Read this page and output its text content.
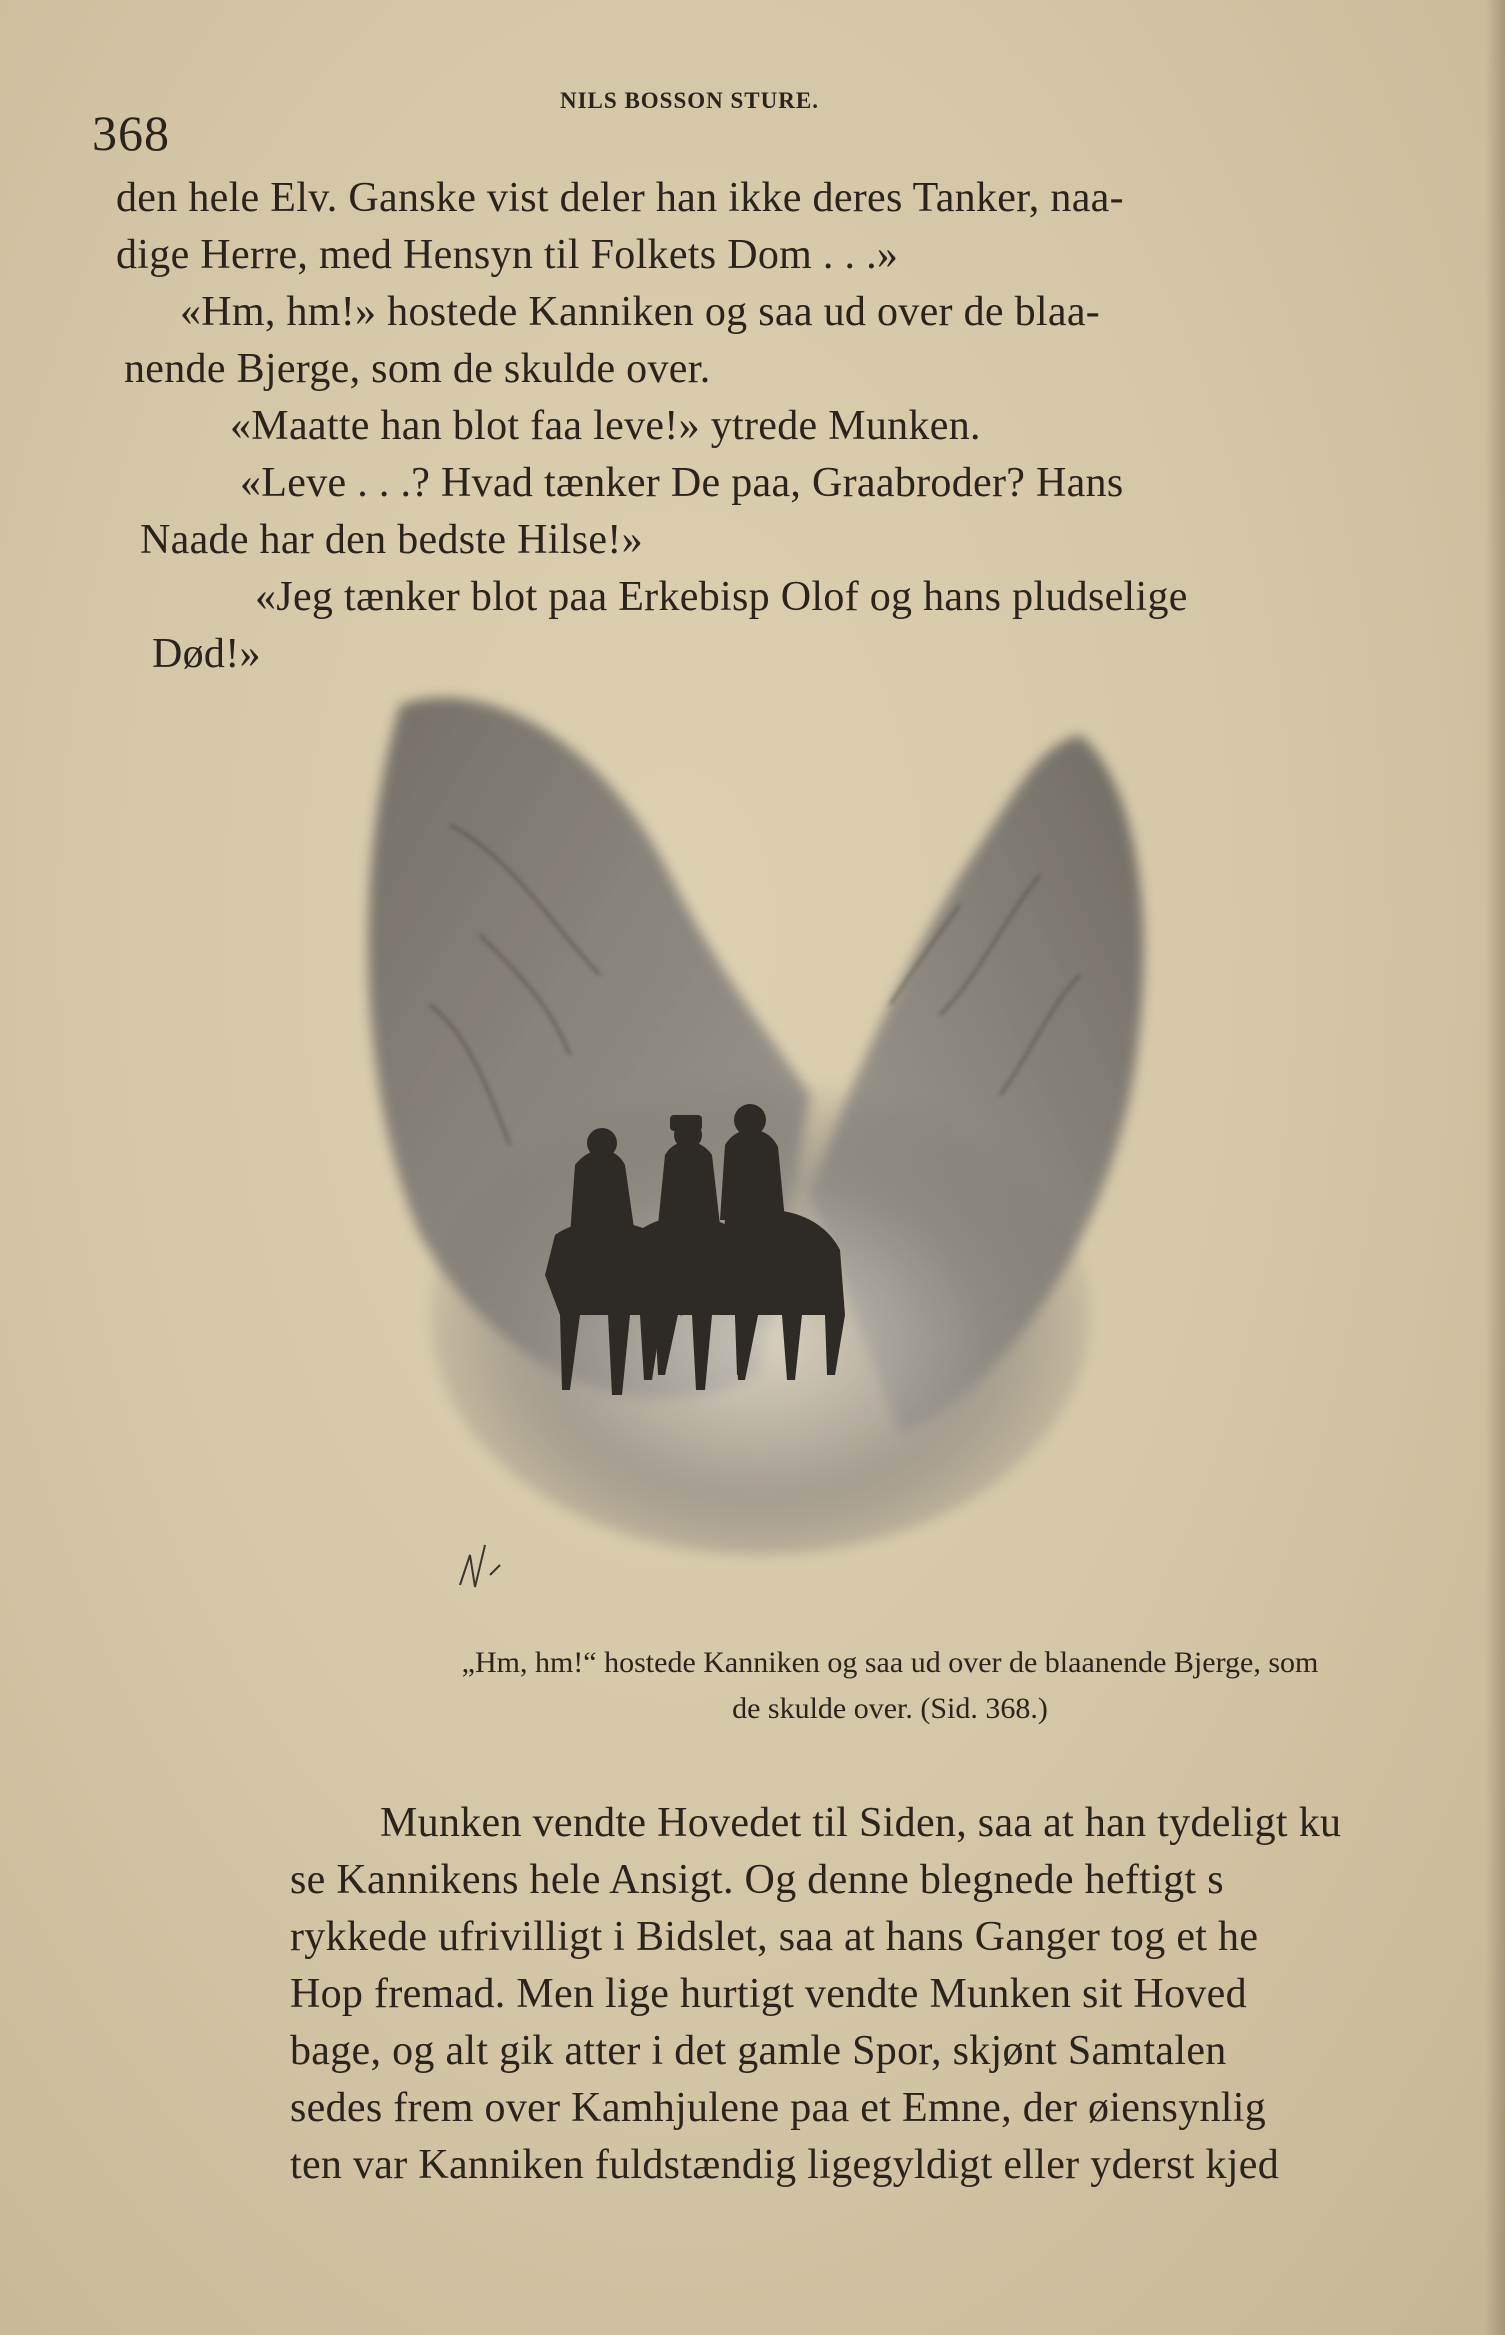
368
NILS BOSSON STURE.
den hele Elv. Ganske vist deler han ikke deres Tanker, naa-
dige Herre, med Hensyn til Folkets Dom . . .»
«Hm, hm!» hostede Kanniken og saa ud over de blaa-
nende Bjerge, som de skulde over.
«Maatte han blot faa leve!» ytrede Munken.
«Leve . . .? Hvad tænker De paa, Graabroder? Hans
Naade har den bedste Hilse!»
«Jeg tænker blot paa Erkebisp Olof og hans pludselige
Død!»
„Hm, hm!“ hostede Kanniken og saa ud over de blaanende Bjerge, som
de skulde over. (Sid. 368.)
Munken vendte Hovedet til Siden, saa at han tydeligt ku
se Kannikens hele Ansigt. Og denne blegnede heftigt s
rykkede ufrivilligt i Bidslet, saa at hans Ganger tog et he
Hop fremad. Men lige hurtigt vendte Munken sit Hoved
bage, og alt gik atter i det gamle Spor, skjønt Samtalen
sedes frem over Kamhjulene paa et Emne, der øiensynlig
ten var Kanniken fuldstændig ligegyldigt eller yderst kjed
